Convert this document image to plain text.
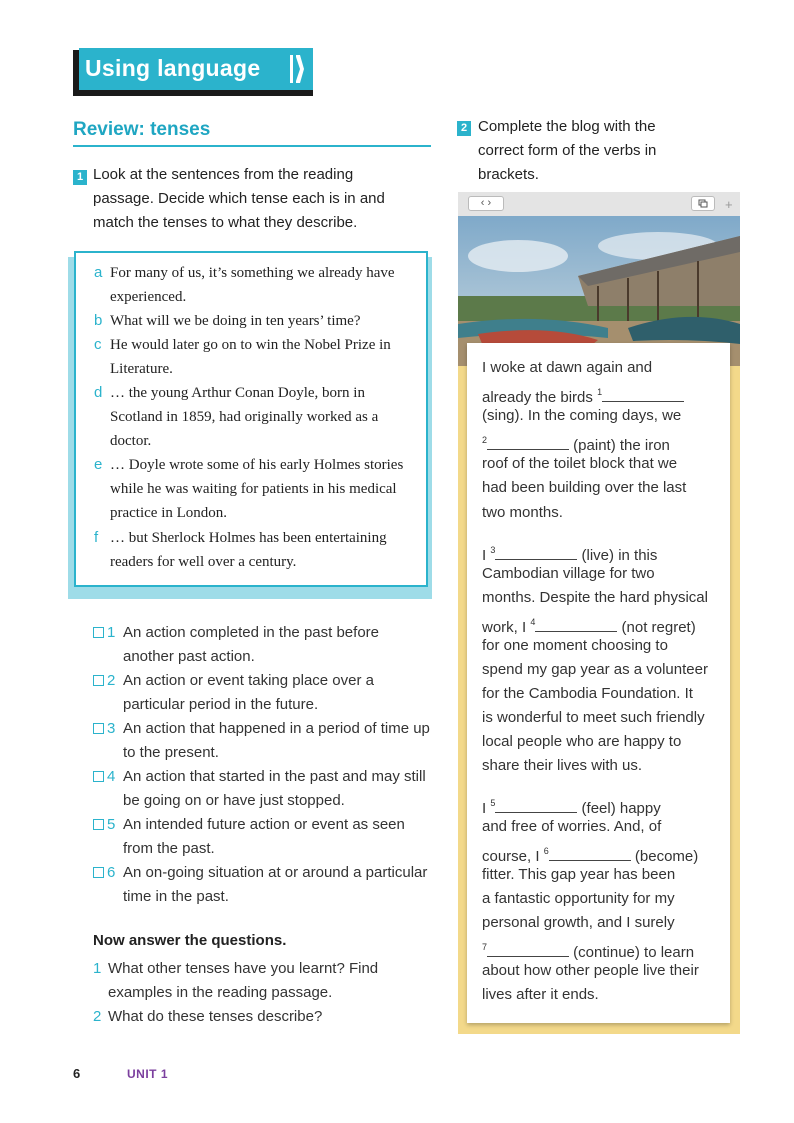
Using language
Review: tenses
1 Look at the sentences from the reading
passage. Decide which tense each is in and
match the tenses to what they describe.
a For many of us, it’s something we already have experienced.
b What will we be doing in ten years’ time?
c He would later go on to win the Nobel Prize in Literature.
d … the young Arthur Conan Doyle, born in Scotland in 1859, had originally worked as a doctor.
e … Doyle wrote some of his early Holmes stories while he was waiting for patients in his medical practice in London.
f … but Sherlock Holmes has been entertaining readers for well over a century.
1 An action completed in the past before another past action.
2 An action or event taking place over a particular period in the future.
3 An action that happened in a period of time up to the present.
4 An action that started in the past and may still be going on or have just stopped.
5 An intended future action or event as seen from the past.
6 An on-going situation at or around a particular time in the past.
Now answer the questions.
1 What other tenses have you learnt? Find examples in the reading passage.
2 What do these tenses describe?
6	UNIT 1
2 Complete the blog with the
correct form of the verbs in
brackets.
‹ ›	+
I woke at dawn again and
already the birds $^1$
(sing). In the coming days, we
$^2$	(paint) the iron
roof of the toilet block that we
had been building over the last
two months.
I $^3$	(live) in this
Cambodian village for two
months. Despite the hard physical
work, I $^4$	(not regret)
for one moment choosing to
spend my gap year as a volunteer
for the Cambodia Foundation. It
is wonderful to meet such friendly
local people who are happy to
share their lives with us.
I $^5$	(feel) happy
and free of worries. And, of
course, I $^6$	(become)
fitter. This gap year has been
a fantastic opportunity for my
personal growth, and I surely
$^7$	(continue) to learn
about how other people live their
lives after it ends.
